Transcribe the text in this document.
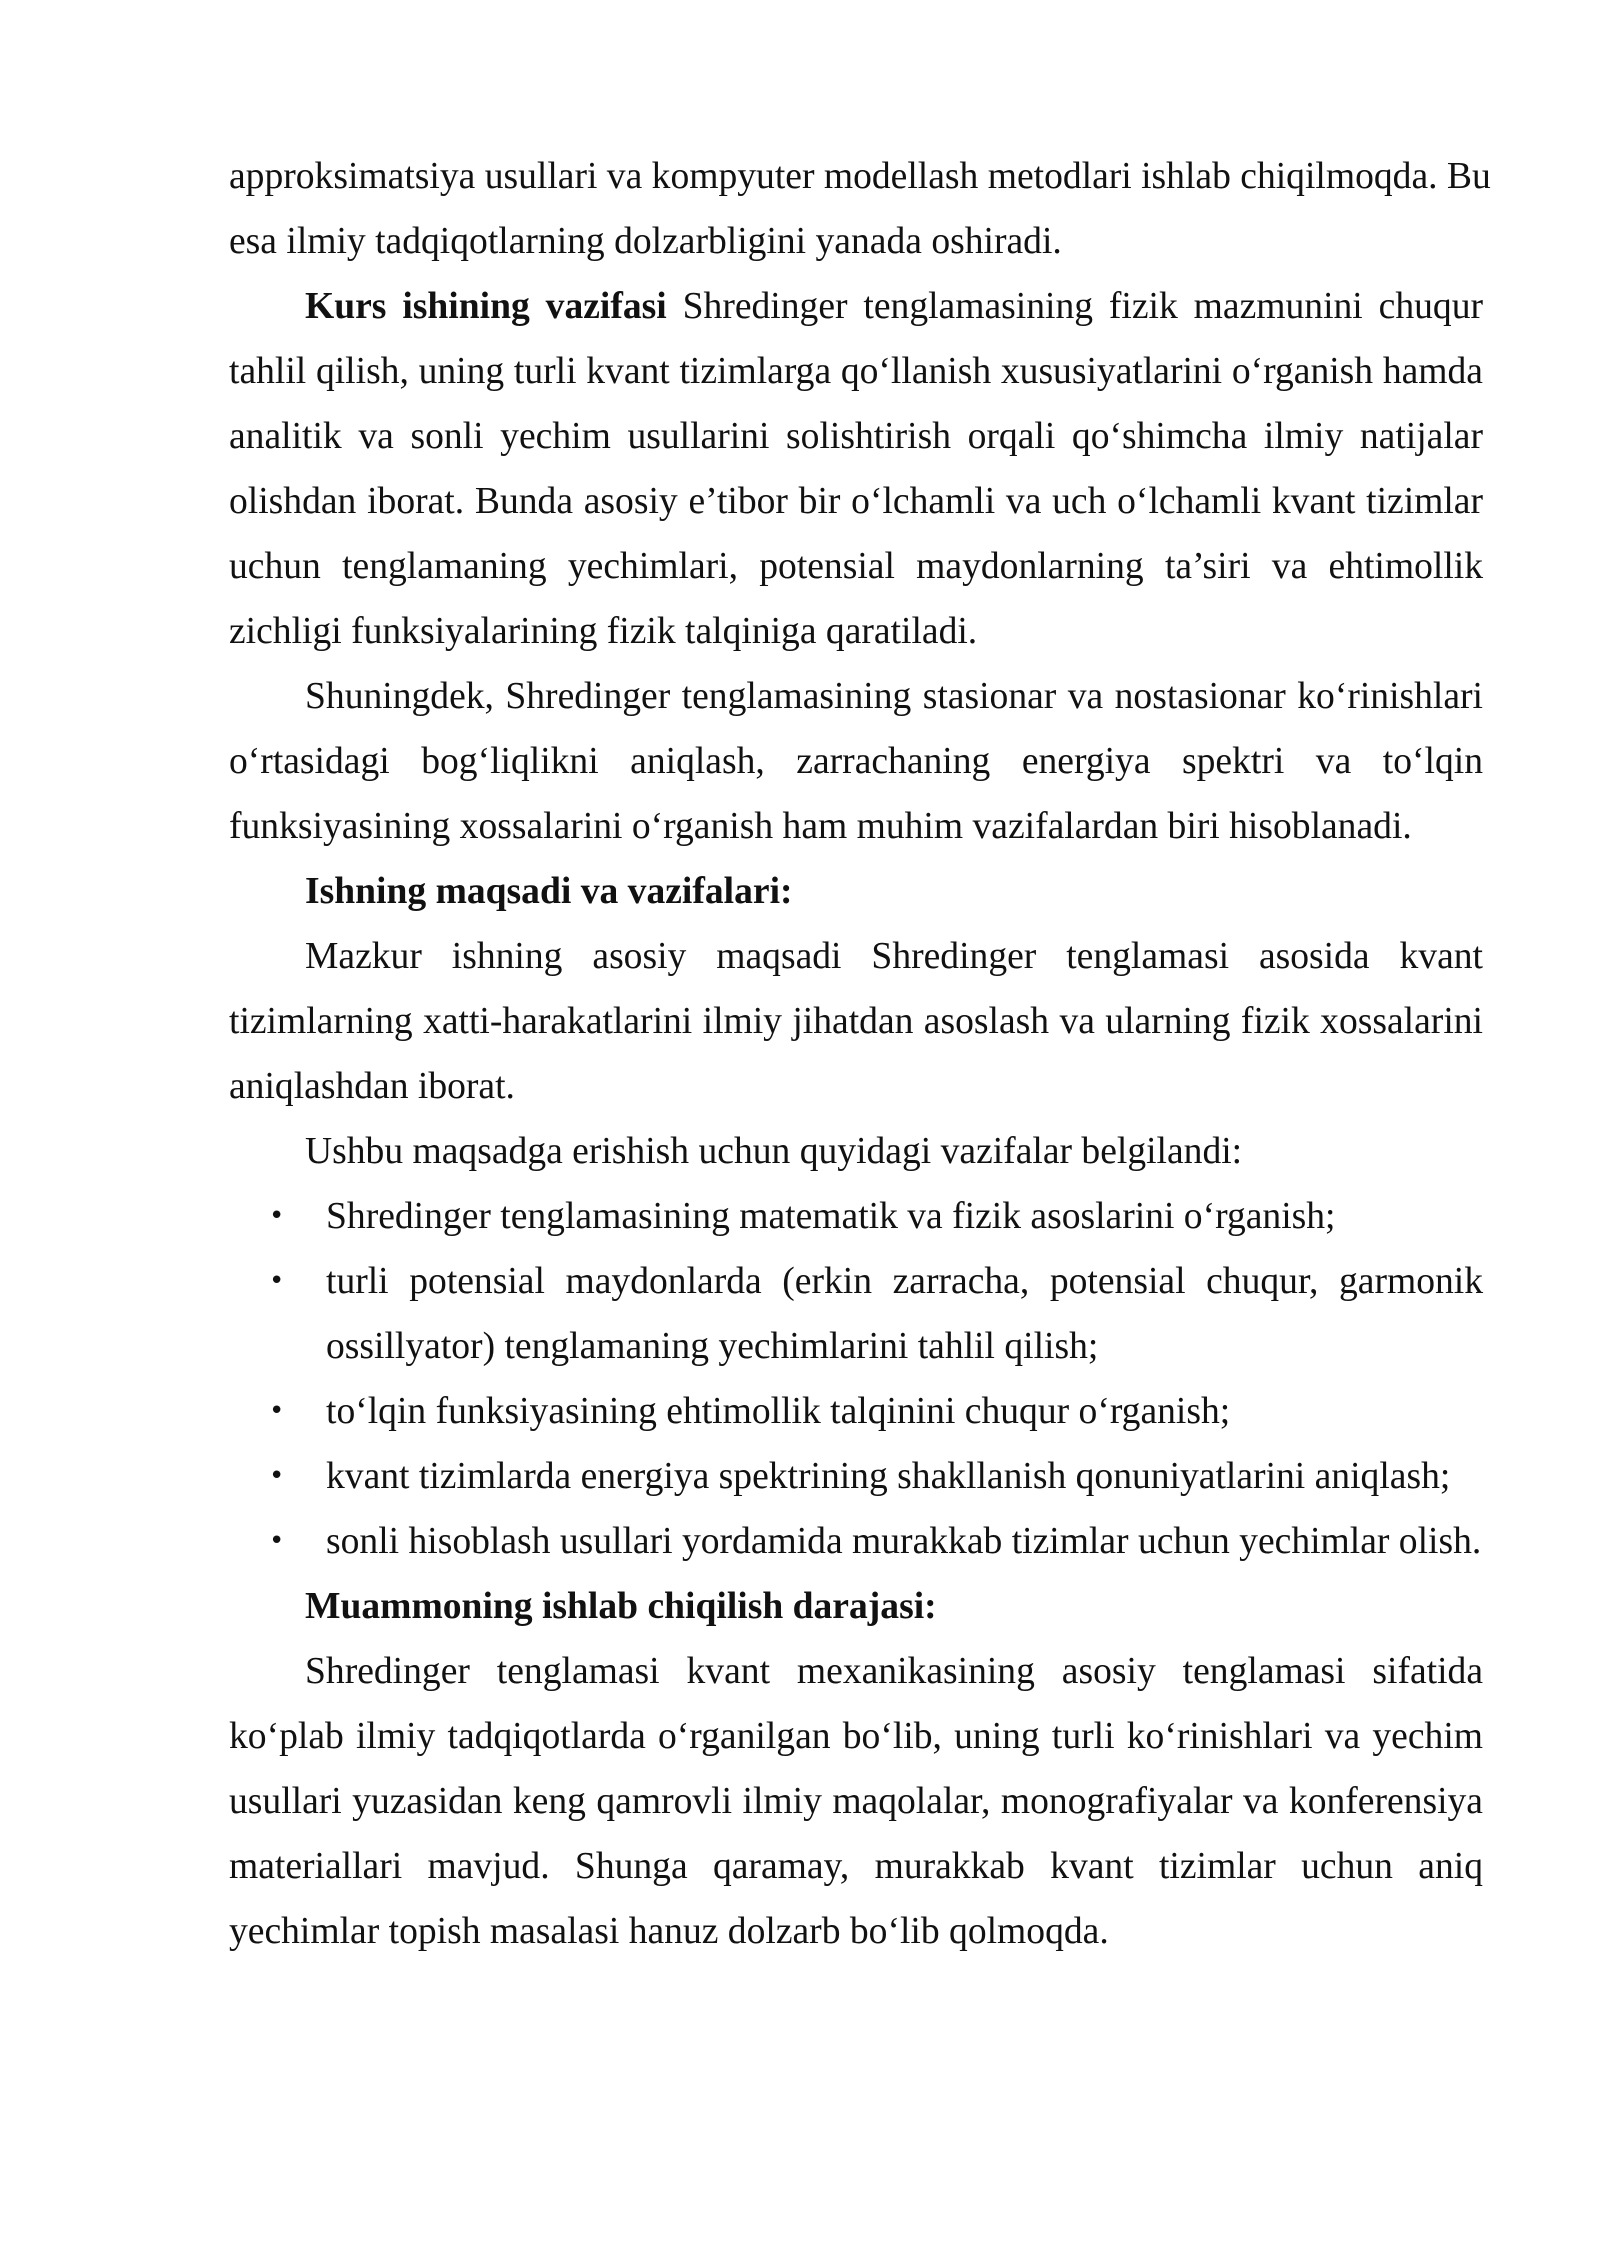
approksimatsiya usullari va kompyuter modellash metodlari ishlab chiqilmoqda. Bu
esa ilmiy tadqiqotlarning dolzarbligini yanada oshiradi.
Kurs ishining vazifasi Shredinger tenglamasining fizik mazmunini chuqur
tahlil qilish, uning turli kvant tizimlarga qo‘llanish xususiyatlarini o‘rganish hamda
analitik va sonli yechim usullarini solishtirish orqali qo‘shimcha ilmiy natijalar
olishdan iborat. Bunda asosiy e’tibor bir o‘lchamli va uch o‘lchamli kvant tizimlar
uchun tenglamaning yechimlari, potensial maydonlarning ta’siri va ehtimollik
zichligi funksiyalarining fizik talqiniga qaratiladi.
Shuningdek, Shredinger tenglamasining stasionar va nostasionar ko‘rinishlari
o‘rtasidagi bog‘liqlikni aniqlash, zarrachaning energiya spektri va to‘lqin
funksiyasining xossalarini o‘rganish ham muhim vazifalardan biri hisoblanadi.
Ishning maqsadi va vazifalari:
Mazkur ishning asosiy maqsadi Shredinger tenglamasi asosida kvant
tizimlarning xatti-harakatlarini ilmiy jihatdan asoslash va ularning fizik xossalarini
aniqlashdan iborat.
Ushbu maqsadga erishish uchun quyidagi vazifalar belgilandi:
• Shredinger tenglamasining matematik va fizik asoslarini o‘rganish;
• turli potensial maydonlarda (erkin zarracha, potensial chuqur, garmonik
ossillyator) tenglamaning yechimlarini tahlil qilish;
• to‘lqin funksiyasining ehtimollik talqinini chuqur o‘rganish;
• kvant tizimlarda energiya spektrining shakllanish qonuniyatlarini aniqlash;
• sonli hisoblash usullari yordamida murakkab tizimlar uchun yechimlar olish.
Muammoning ishlab chiqilish darajasi:
Shredinger tenglamasi kvant mexanikasining asosiy tenglamasi sifatida
ko‘plab ilmiy tadqiqotlarda o‘rganilgan bo‘lib, uning turli ko‘rinishlari va yechim
usullari yuzasidan keng qamrovli ilmiy maqolalar, monografiyalar va konferensiya
materiallari mavjud. Shunga qaramay, murakkab kvant tizimlar uchun aniq
yechimlar topish masalasi hanuz dolzarb bo‘lib qolmoqda.
